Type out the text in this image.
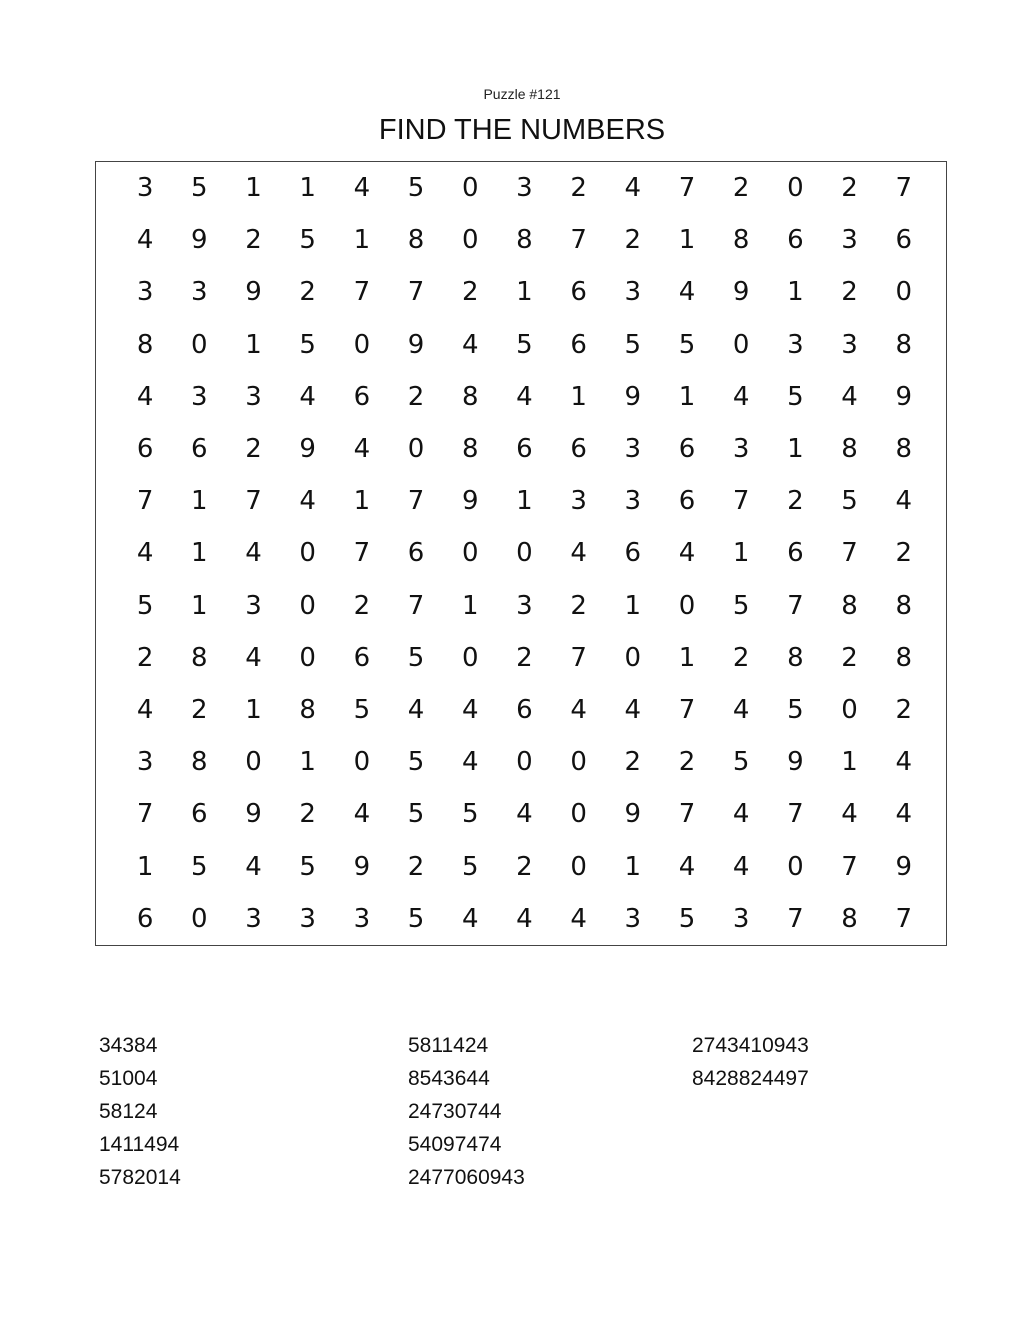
Puzzle #121
FIND THE NUMBERS
3	5	1	1	4	5	0	3	2	4	7	2	0	2	7
4	9	2	5	1	8	0	8	7	2	1	8	6	3	6
3	3	9	2	7	7	2	1	6	3	4	9	1	2	0
8	0	1	5	0	9	4	5	6	5	5	0	3	3	8
4	3	3	4	6	2	8	4	1	9	1	4	5	4	9
6	6	2	9	4	0	8	6	6	3	6	3	1	8	8
7	1	7	4	1	7	9	1	3	3	6	7	2	5	4
4	1	4	0	7	6	0	0	4	6	4	1	6	7	2
5	1	3	0	2	7	1	3	2	1	0	5	7	8	8
2	8	4	0	6	5	0	2	7	0	1	2	8	2	8
4	2	1	8	5	4	4	6	4	4	7	4	5	0	2
3	8	0	1	0	5	4	0	0	2	2	5	9	1	4
7	6	9	2	4	5	5	4	0	9	7	4	7	4	4
1	5	4	5	9	2	5	2	0	1	4	4	0	7	9
6	0	3	3	3	5	4	4	4	3	5	3	7	8	7
34384
51004
58124
1411494
5782014
5811424
8543644
24730744
54097474
2477060943
2743410943
8428824497
